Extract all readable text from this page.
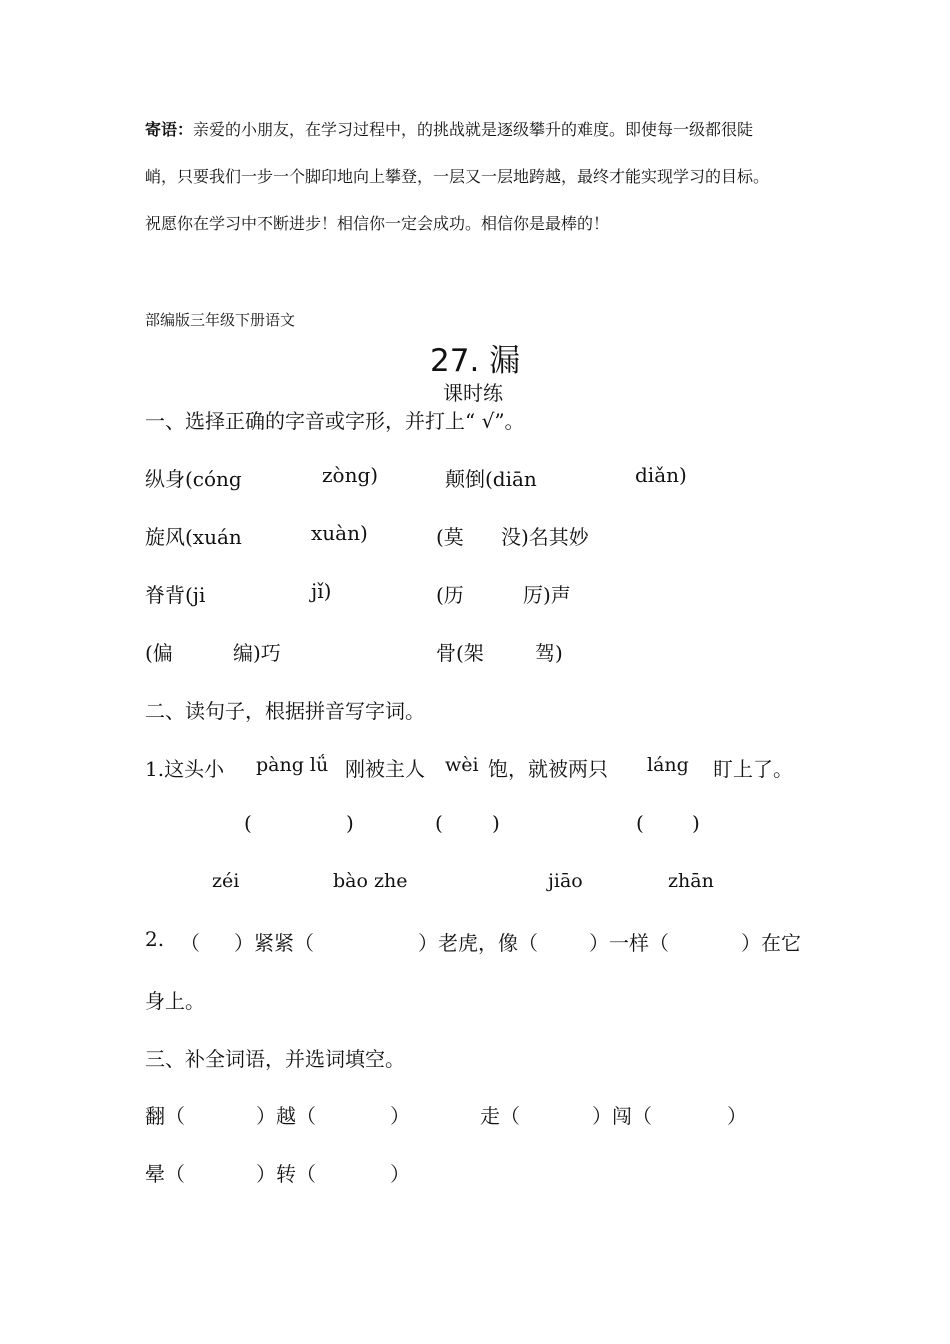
寄语：亲爱的小朋友，在学习过程中，的挑战就是逐级攀升的难度。即使每一级都很陡
峭，只要我们一步一个脚印地向上攀登，一层又一层地跨越，最终才能实现学习的目标。
祝愿你在学习中不断进步！相信你一定会成功。相信你是最棒的！
部编版三年级下册语文
27. 漏
课时练
一、选择正确的字音或字形，并打上“ √”。
纵身(cóng	zòng)	颠倒(diān	diǎn)
旋风(xuán	xuàn)	(莫 没)名其妙
脊背(ji	jǐ)	(历	厉)声
(偏	编)巧	骨(架	驾)
二、读句子，根据拼音写字词。
1.这头小 pàng lǘ 刚被主人 wèi 饱，就被两只 láng 盯上了。
(	)	( )	( )
zéi	bào zhe	jiāo	zhān
2. （ ）紧紧（	）老虎，像（	）一样（	）在它
身上。
三、补全词语，并选词填空。
翻（	）越（	）	走（	）闯（	）
晕（	）转（	）
